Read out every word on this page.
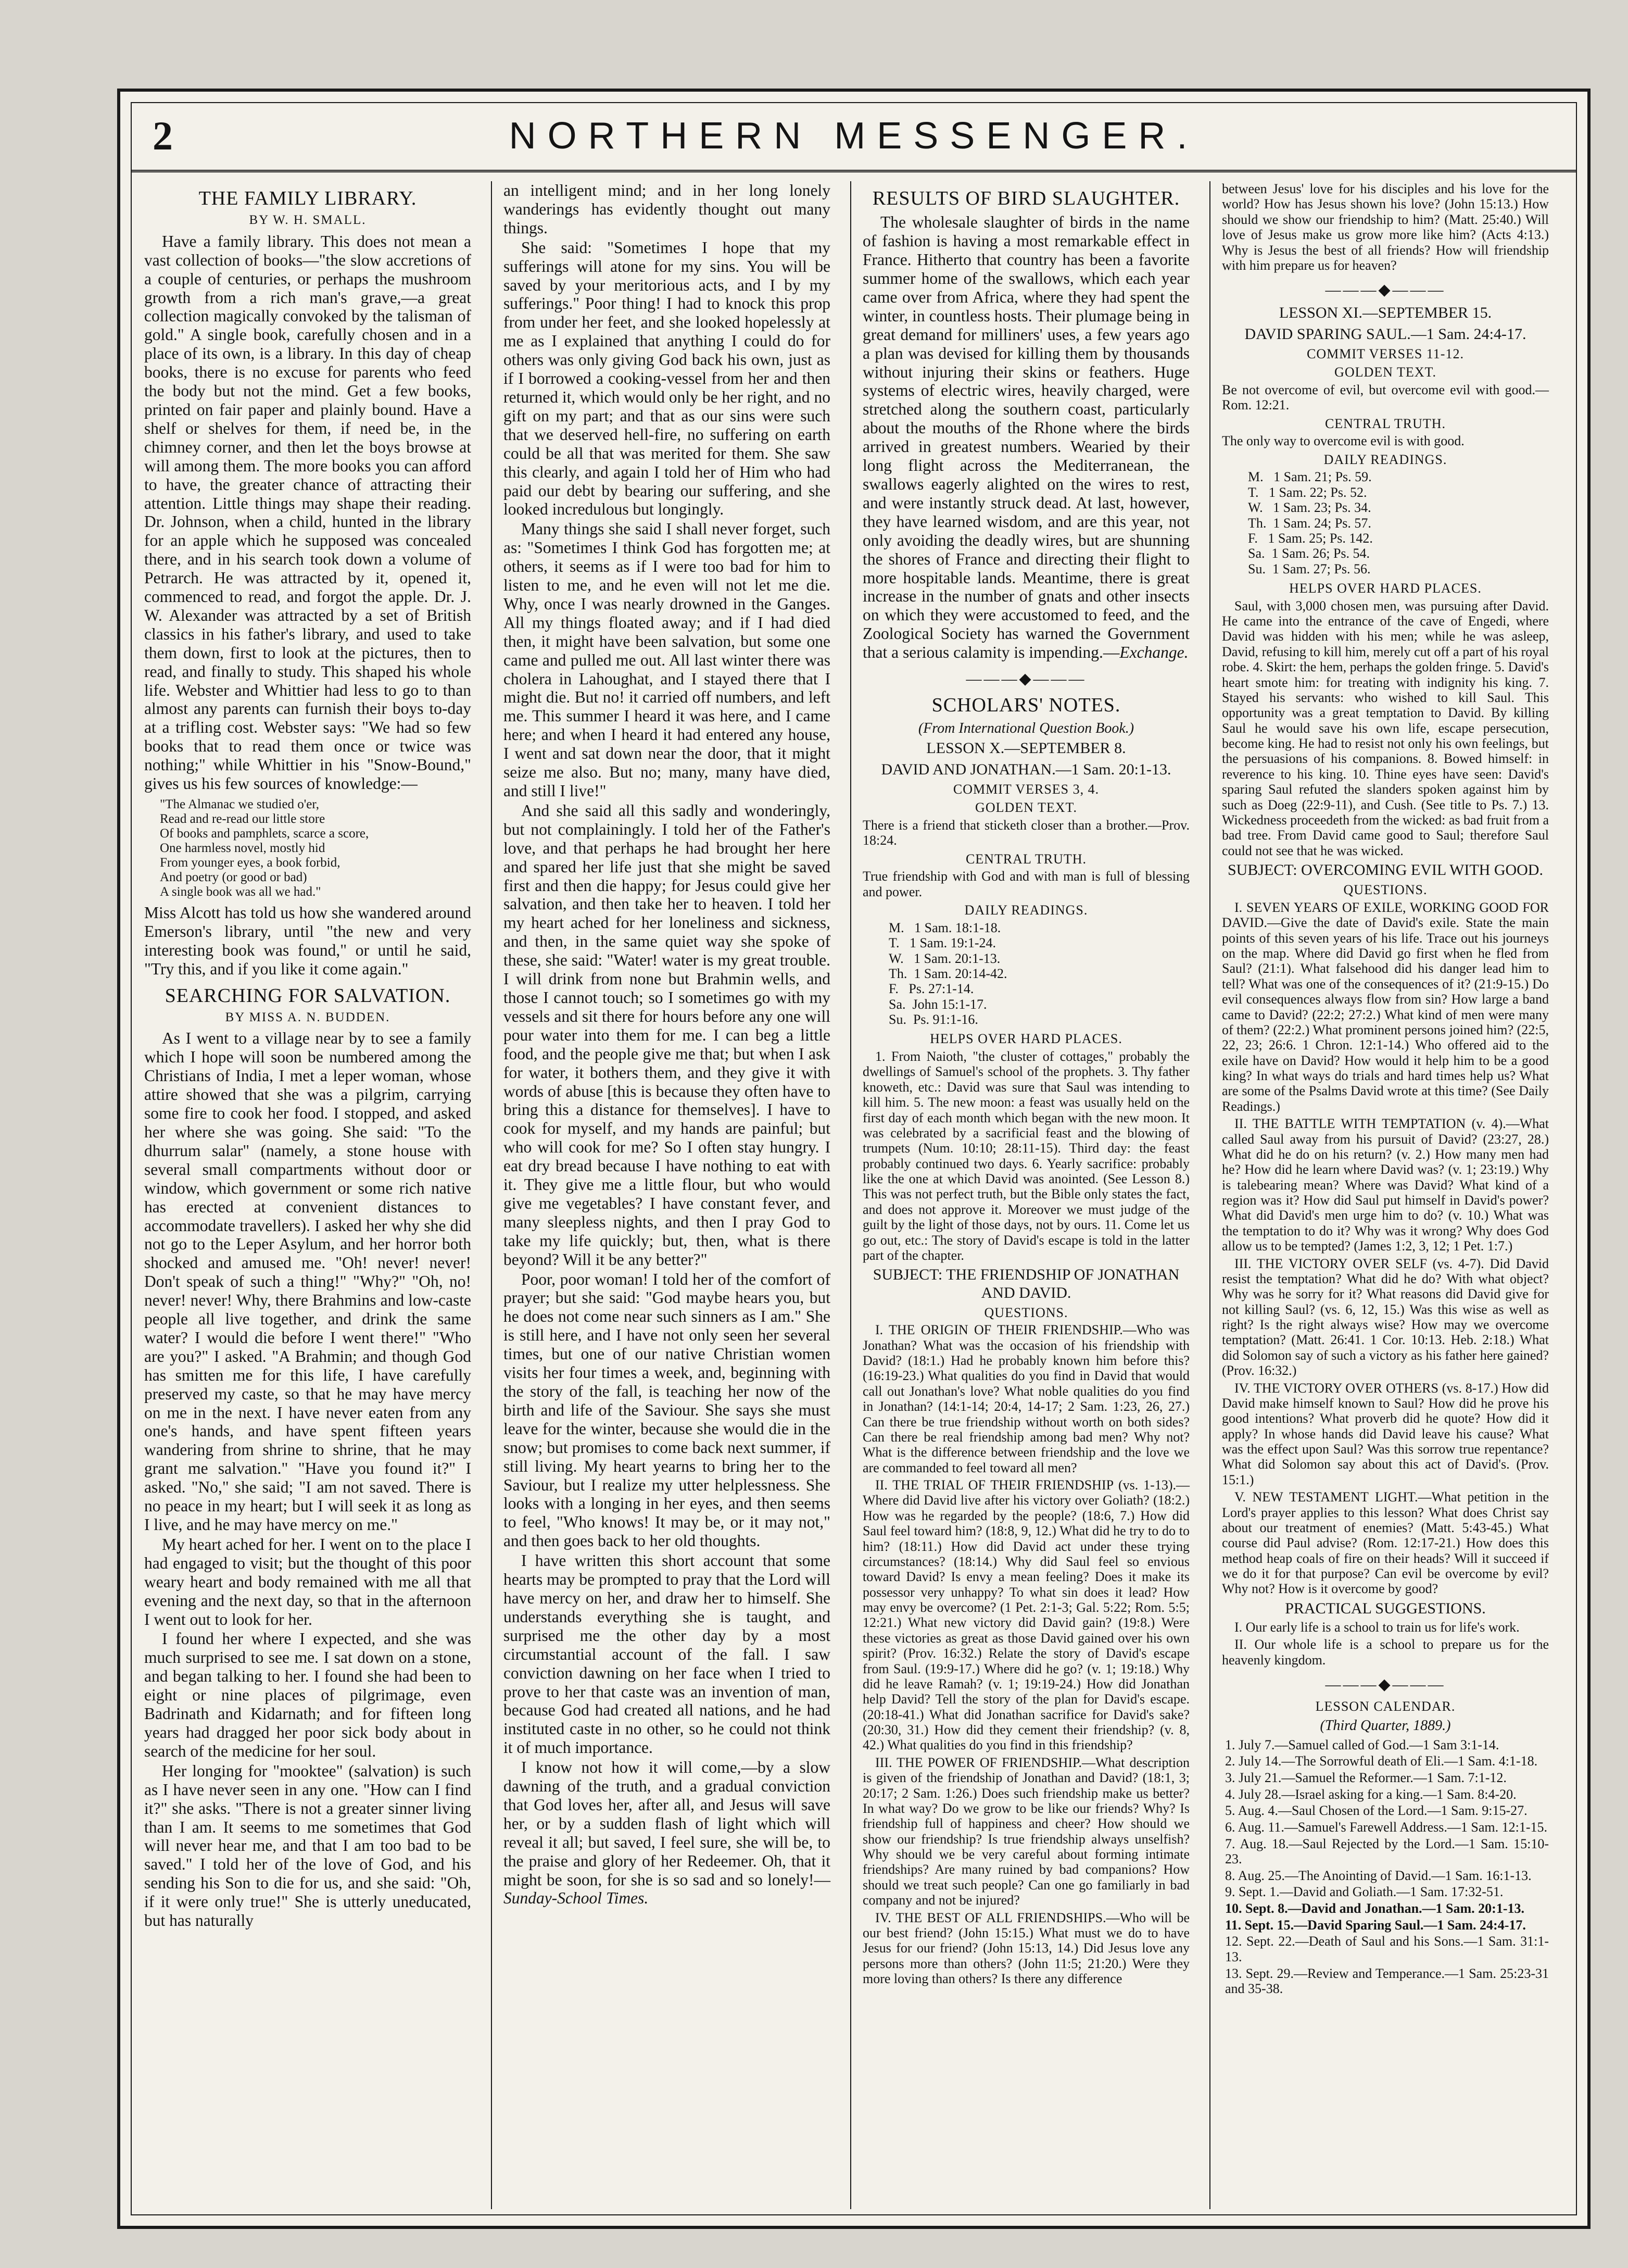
2	NORTHERN MESSENGER.
THE FAMILY LIBRARY.
BY W. H. SMALL.

Have a family library. This does not mean a vast collection of books—"the slow accretions of a couple of centuries, or perhaps the mushroom growth from a rich man's grave,—a great collection magically convoked by the talisman of gold." A single book, carefully chosen and in a place of its own, is a library. In this day of cheap books, there is no excuse for parents who feed the body but not the mind. Get a few books, printed on fair paper and plainly bound. Have a shelf or shelves for them, if need be, in the chimney corner, and then let the boys browse at will among them. The more books you can afford to have, the greater chance of attracting their attention. Little things may shape their reading. Dr. Johnson, when a child, hunted in the library for an apple which he supposed was concealed there, and in his search took down a volume of Petrarch. He was attracted by it, opened it, commenced to read, and forgot the apple. Dr. J. W. Alexander was attracted by a set of British classics in his father's library, and used to take them down, first to look at the pictures, then to read, and finally to study. This shaped his whole life. Webster and Whittier had less to go to than almost any parents can furnish their boys to-day at a trifling cost. Webster says: "We had so few books that to read them once or twice was nothing;" while Whittier in his "Snow-Bound," gives us his few sources of knowledge:—

"The Almanac we studied o'er,
Read and re-read our little store
Of books and pamphlets, scarce a score,
One harmless novel, mostly hid
From younger eyes, a book forbid,
And poetry (or good or bad)
A single book was all we had."

Miss Alcott has told us how she wandered around Emerson's library, until "the new and very interesting book was found," or until he said, "Try this, and if you like it come again."

SEARCHING FOR SALVATION.
BY MISS A. N. BUDDEN.

As I went to a village near by to see a family which I hope will soon be numbered among the Christians of India, I met a leper woman, whose attire showed that she was a pilgrim, carrying some fire to cook her food. I stopped, and asked her where she was going. She said: "To the dhurrum salar" (namely, a stone house with several small compartments without door or window, which government or some rich native has erected at convenient distances to accommodate travellers). I asked her why she did not go to the Leper Asylum, and her horror both shocked and amused me. "Oh! never! never! Don't speak of such a thing!" "Why?" "Oh, no! never! never! Why, there Brahmins and low-caste people all live together, and drink the same water? I would die before I went there!" "Who are you?" I asked. "A Brahmin; and though God has smitten me for this life, I have carefully preserved my caste, so that he may have mercy on me in the next. I have never eaten from any one's hands, and have spent fifteen years wandering from shrine to shrine, that he may grant me salvation." "Have you found it?" I asked. "No," she said; "I am not saved. There is no peace in my heart; but I will seek it as long as I live, and he may have mercy on me."

My heart ached for her. I went on to the place I had engaged to visit; but the thought of this poor weary heart and body remained with me all that evening and the next day, so that in the afternoon I went out to look for her.

I found her where I expected, and she was much surprised to see me. I sat down on a stone, and began talking to her. I found she had been to eight or nine places of pilgrimage, even Badrinath and Kidarnath; and for fifteen long years had dragged her poor sick body about in search of the medicine for her soul.

Her longing for "mooktee" (salvation) is such as I have never seen in any one. "How can I find it?" she asks. "There is not a greater sinner living than I am. It seems to me sometimes that God will never hear me, and that I am too bad to be saved." I told her of the love of God, and his sending his Son to die for us, and she said: "Oh, if it were only true!" She is utterly uneducated, but has naturally

an intelligent mind; and in her long lonely wanderings has evidently thought out many things.

She said: "Sometimes I hope that my sufferings will atone for my sins. You will be saved by your meritorious acts, and I by my sufferings." Poor thing! I had to knock this prop from under her feet, and she looked hopelessly at me as I explained that anything I could do for others was only giving God back his own, just as if I borrowed a cooking-vessel from her and then returned it, which would only be her right, and no gift on my part; and that as our sins were such that we deserved hell-fire, no suffering on earth could be all that was merited for them. She saw this clearly, and again I told her of Him who had paid our debt by bearing our suffering, and she looked incredulous but longingly.

Many things she said I shall never forget, such as: "Sometimes I think God has forgotten me; at others, it seems as if I were too bad for him to listen to me, and he even will not let me die. Why, once I was nearly drowned in the Ganges. All my things floated away; and if I had died then, it might have been salvation, but some one came and pulled me out. All last winter there was cholera in Lahoughat, and I stayed there that I might die. But no! it carried off numbers, and left me. This summer I heard it was here, and I came here; and when I heard it had entered any house, I went and sat down near the door, that it might seize me also. But no; many, many have died, and still I live!"

And she said all this sadly and wonderingly, but not complainingly. I told her of the Father's love, and that perhaps he had brought her here and spared her life just that she might be saved first and then die happy; for Jesus could give her salvation, and then take her to heaven. I told her my heart ached for her loneliness and sickness, and then, in the same quiet way she spoke of these, she said: "Water! water is my great trouble. I will drink from none but Brahmin wells, and those I cannot touch; so I sometimes go with my vessels and sit there for hours before any one will pour water into them for me. I can beg a little food, and the people give me that; but when I ask for water, it bothers them, and they give it with words of abuse [this is because they often have to bring this a distance for themselves]. I have to cook for myself, and my hands are painful; but who will cook for me? So I often stay hungry. I eat dry bread because I have nothing to eat with it. They give me a little flour, but who would give me vegetables? I have constant fever, and many sleepless nights, and then I pray God to take my life quickly; but, then, what is there beyond? Will it be any better?"

Poor, poor woman! I told her of the comfort of prayer; but she said: "God maybe hears you, but he does not come near such sinners as I am." She is still here, and I have not only seen her several times, but one of our native Christian women visits her four times a week, and, beginning with the story of the fall, is teaching her now of the birth and life of the Saviour. She says she must leave for the winter, because she would die in the snow; but promises to come back next summer, if still living. My heart yearns to bring her to the Saviour, but I realize my utter helplessness. She looks with a longing in her eyes, and then seems to feel, "Who knows! It may be, or it may not," and then goes back to her old thoughts.

I have written this short account that some hearts may be prompted to pray that the Lord will have mercy on her, and draw her to himself. She understands everything she is taught, and surprised me the other day by a most circumstantial account of the fall. I saw conviction dawning on her face when I tried to prove to her that caste was an invention of man, because God had created all nations, and he had instituted caste in no other, so he could not think it of much importance.

I know not how it will come,—by a slow dawning of the truth, and a gradual conviction that God loves her, after all, and Jesus will save her, or by a sudden flash of light which will reveal it all; but saved, I feel sure, she will be, to the praise and glory of her Redeemer. Oh, that it might be soon, for she is so sad and so lonely!—Sunday-School Times.

RESULTS OF BIRD SLAUGHTER.

The wholesale slaughter of birds in the name of fashion is having a most remarkable effect in France. Hitherto that country has been a favorite summer home of the swallows, which each year came over from Africa, where they had spent the winter, in countless hosts. Their plumage being in great demand for milliners' uses, a few years ago a plan was devised for killing them by thousands without injuring their skins or feathers. Huge systems of electric wires, heavily charged, were stretched along the southern coast, particularly about the mouths of the Rhone where the birds arrived in greatest numbers. Wearied by their long flight across the Mediterranean, the swallows eagerly alighted on the wires to rest, and were instantly struck dead. At last, however, they have learned wisdom, and are this year, not only avoiding the deadly wires, but are shunning the shores of France and directing their flight to more hospitable lands. Meantime, there is great increase in the number of gnats and other insects on which they were accustomed to feed, and the Zoological Society has warned the Government that a serious calamity is impending.—Exchange.

———◆———
SCHOLARS' NOTES.
(From International Question Book.)
LESSON X.—SEPTEMBER 8.
DAVID AND JONATHAN.—1 Sam. 20:1-13.
COMMIT VERSES 3, 4.
GOLDEN TEXT.

There is a friend that sticketh closer than a brother.—Prov. 18:24.

CENTRAL TRUTH.

True friendship with God and with man is full of blessing and power.

DAILY READINGS.
M.   1 Sam. 18:1-18.
T.   1 Sam. 19:1-24.
W.   1 Sam. 20:1-13.
Th.  1 Sam. 20:14-42.
F.   Ps. 27:1-14.
Sa.  John 15:1-17.
Su.  Ps. 91:1-16.
HELPS OVER HARD PLACES.

1. From Naioth, "the cluster of cottages," probably the dwellings of Samuel's school of the prophets. 3. Thy father knoweth, etc.: David was sure that Saul was intending to kill him. 5. The new moon: a feast was usually held on the first day of each month which began with the new moon. It was celebrated by a sacrificial feast and the blowing of trumpets (Num. 10:10; 28:11-15). Third day: the feast probably continued two days. 6. Yearly sacrifice: probably like the one at which David was anointed. (See Lesson 8.) This was not perfect truth, but the Bible only states the fact, and does not approve it. Moreover we must judge of the guilt by the light of those days, not by ours. 11. Come let us go out, etc.: The story of David's escape is told in the latter part of the chapter.

SUBJECT: THE FRIENDSHIP OF JONATHAN AND DAVID.
QUESTIONS.

I. THE ORIGIN OF THEIR FRIENDSHIP.—Who was Jonathan? What was the occasion of his friendship with David? (18:1.) Had he probably known him before this? (16:19-23.) What qualities do you find in David that would call out Jonathan's love? What noble qualities do you find in Jonathan? (14:1-14; 20:4, 14-17; 2 Sam. 1:23, 26, 27.) Can there be true friendship without worth on both sides? Can there be real friendship among bad men? Why not? What is the difference between friendship and the love we are commanded to feel toward all men?

II. THE TRIAL OF THEIR FRIENDSHIP (vs. 1-13).—Where did David live after his victory over Goliath? (18:2.) How was he regarded by the people? (18:6, 7.) How did Saul feel toward him? (18:8, 9, 12.) What did he try to do to him? (18:11.) How did David act under these trying circumstances? (18:14.) Why did Saul feel so envious toward David? Is envy a mean feeling? Does it make its possessor very unhappy? To what sin does it lead? How may envy be overcome? (1 Pet. 2:1-3; Gal. 5:22; Rom. 5:5; 12:21.) What new victory did David gain? (19:8.) Were these victories as great as those David gained over his own spirit? (Prov. 16:32.) Relate the story of David's escape from Saul. (19:9-17.) Where did he go? (v. 1; 19:18.) Why did he leave Ramah? (v. 1; 19:19-24.) How did Jonathan help David? Tell the story of the plan for David's escape. (20:18-41.) What did Jonathan sacrifice for David's sake? (20:30, 31.) How did they cement their friendship? (v. 8, 42.) What qualities do you find in this friendship?

III. THE POWER OF FRIENDSHIP.—What description is given of the friendship of Jonathan and David? (18:1, 3; 20:17; 2 Sam. 1:26.) Does such friendship make us better? In what way? Do we grow to be like our friends? Why? Is friendship full of happiness and cheer? How should we show our friendship? Is true friendship always unselfish? Why should we be very careful about forming intimate friendships? Are many ruined by bad companions? How should we treat such people? Can one go familiarly in bad company and not be injured?

IV. THE BEST OF ALL FRIENDSHIPS.—Who will be our best friend? (John 15:15.) What must we do to have Jesus for our friend? (John 15:13, 14.) Did Jesus love any persons more than others? (John 11:5; 21:20.) Were they more loving than others? Is there any difference

between Jesus' love for his disciples and his love for the world? How has Jesus shown his love? (John 15:13.) How should we show our friendship to him? (Matt. 25:40.) Will love of Jesus make us grow more like him? (Acts 4:13.) Why is Jesus the best of all friends? How will friendship with him prepare us for heaven?

———◆———
LESSON XI.—SEPTEMBER 15.
DAVID SPARING SAUL.—1 Sam. 24:4-17.
COMMIT VERSES 11-12.
GOLDEN TEXT.

Be not overcome of evil, but overcome evil with good.—Rom. 12:21.

CENTRAL TRUTH.

The only way to overcome evil is with good.

DAILY READINGS.
M.   1 Sam. 21; Ps. 59.
T.   1 Sam. 22; Ps. 52.
W.   1 Sam. 23; Ps. 34.
Th.  1 Sam. 24; Ps. 57.
F.   1 Sam. 25; Ps. 142.
Sa.  1 Sam. 26; Ps. 54.
Su.  1 Sam. 27; Ps. 56.
HELPS OVER HARD PLACES.

Saul, with 3,000 chosen men, was pursuing after David. He came into the entrance of the cave of Engedi, where David was hidden with his men; while he was asleep, David, refusing to kill him, merely cut off a part of his royal robe. 4. Skirt: the hem, perhaps the golden fringe. 5. David's heart smote him: for treating with indignity his king. 7. Stayed his servants: who wished to kill Saul. This opportunity was a great temptation to David. By killing Saul he would save his own life, escape persecution, become king. He had to resist not only his own feelings, but the persuasions of his companions. 8. Bowed himself: in reverence to his king. 10. Thine eyes have seen: David's sparing Saul refuted the slanders spoken against him by such as Doeg (22:9-11), and Cush. (See title to Ps. 7.) 13. Wickedness proceedeth from the wicked: as bad fruit from a bad tree. From David came good to Saul; therefore Saul could not see that he was wicked.

SUBJECT: OVERCOMING EVIL WITH GOOD.
QUESTIONS.

I. SEVEN YEARS OF EXILE, WORKING GOOD FOR DAVID.—Give the date of David's exile. State the main points of this seven years of his life. Trace out his journeys on the map. Where did David go first when he fled from Saul? (21:1). What falsehood did his danger lead him to tell? What was one of the consequences of it? (21:9-15.) Do evil consequences always flow from sin? How large a band came to David? (22:2; 27:2.) What kind of men were many of them? (22:2.) What prominent persons joined him? (22:5, 22, 23; 26:6. 1 Chron. 12:1-14.) Who offered aid to the exile have on David? How would it help him to be a good king? In what ways do trials and hard times help us? What are some of the Psalms David wrote at this time? (See Daily Readings.)

II. THE BATTLE WITH TEMPTATION (v. 4).—What called Saul away from his pursuit of David? (23:27, 28.) What did he do on his return? (v. 2.) How many men had he? How did he learn where David was? (v. 1; 23:19.) Why is talebearing mean? Where was David? What kind of a region was it? How did Saul put himself in David's power? What did David's men urge him to do? (v. 10.) What was the temptation to do it? Why was it wrong? Why does God allow us to be tempted? (James 1:2, 3, 12; 1 Pet. 1:7.)

III. THE VICTORY OVER SELF (vs. 4-7). Did David resist the temptation? What did he do? With what object? Why was he sorry for it? What reasons did David give for not killing Saul? (vs. 6, 12, 15.) Was this wise as well as right? Is the right always wise? How may we overcome temptation? (Matt. 26:41. 1 Cor. 10:13. Heb. 2:18.) What did Solomon say of such a victory as his father here gained? (Prov. 16:32.)

IV. THE VICTORY OVER OTHERS (vs. 8-17.) How did David make himself known to Saul? How did he prove his good intentions? What proverb did he quote? How did it apply? In whose hands did David leave his cause? What was the effect upon Saul? Was this sorrow true repentance? What did Solomon say about this act of David's. (Prov. 15:1.)

V. NEW TESTAMENT LIGHT.—What petition in the Lord's prayer applies to this lesson? What does Christ say about our treatment of enemies? (Matt. 5:43-45.) What course did Paul advise? (Rom. 12:17-21.) How does this method heap coals of fire on their heads? Will it succeed if we do it for that purpose? Can evil be overcome by evil? Why not? How is it overcome by good?

PRACTICAL SUGGESTIONS.

I. Our early life is a school to train us for life's work.

II. Our whole life is a school to prepare us for the heavenly kingdom.

———◆———
LESSON CALENDAR.
(Third Quarter, 1889.)
1. July 7.—Samuel called of God.—1 Sam 3:1-14.
2. July 14.—The Sorrowful death of Eli.—1 Sam. 4:1-18.
3. July 21.—Samuel the Reformer.—1 Sam. 7:1-12.
4. July 28.—Israel asking for a king.—1 Sam. 8:4-20.
5. Aug. 4.—Saul Chosen of the Lord.—1 Sam. 9:15-27.
6. Aug. 11.—Samuel's Farewell Address.—1 Sam. 12:1-15.
7. Aug. 18.—Saul Rejected by the Lord.—1 Sam. 15:10-23.
8. Aug. 25.—The Anointing of David.—1 Sam. 16:1-13.
9. Sept. 1.—David and Goliath.—1 Sam. 17:32-51.
10. Sept. 8.—David and Jonathan.—1 Sam. 20:1-13.
11. Sept. 15.—David Sparing Saul.—1 Sam. 24:4-17.
12. Sept. 22.—Death of Saul and his Sons.—1 Sam. 31:1-13.
13. Sept. 29.—Review and Temperance.—1 Sam. 25:23-31 and 35-38.
